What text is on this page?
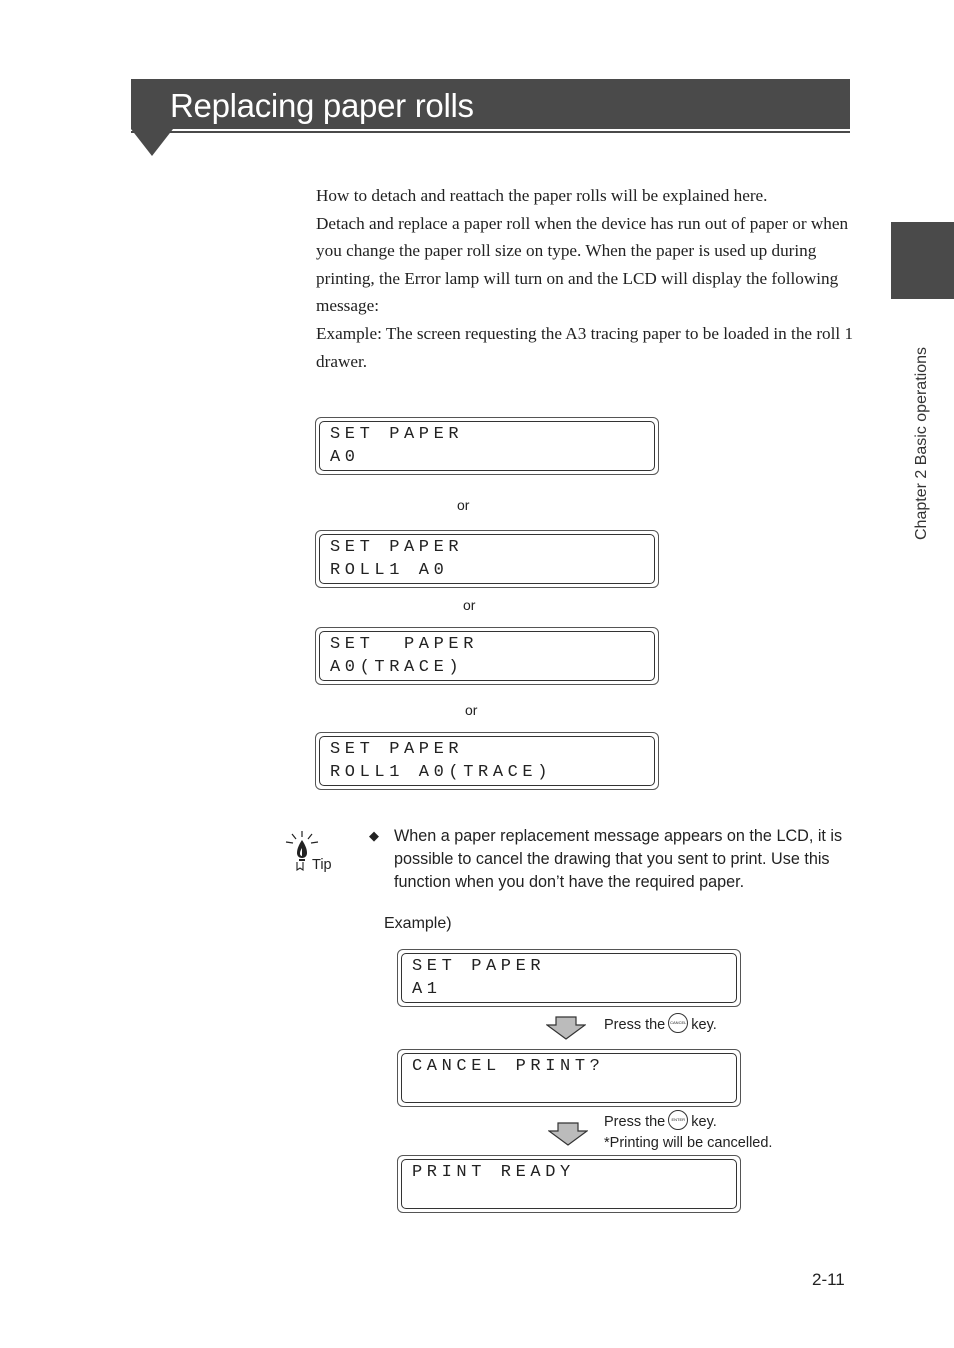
Replacing paper rolls
Chapter 2 Basic operations

How to detach and reattach the paper rolls will be explained here.

Detach and replace a paper roll when the device has run out of paper or when you change the paper roll size on type. When the paper is used up during printing, the Error lamp will turn on and the LCD will display the following message:

Example: The screen requesting the A3 tracing paper to be loaded in the roll 1 drawer.

SET PAPER
A0
or
SET PAPER
ROLL1 A0
or
SET  PAPER
A0(TRACE)
or
SET PAPER
ROLL1 A0(TRACE)
Tip
◆ When a paper replacement message appears on the LCD, it is possible to cancel the drawing that you sent to print. Use this function when you don’t have the required paper.

Example)
SET PAPER
A1
Press the CANCEL key.
CANCEL PRINT?
Press the ENTER key.
*Printing will be cancelled.
PRINT READY
2-11
